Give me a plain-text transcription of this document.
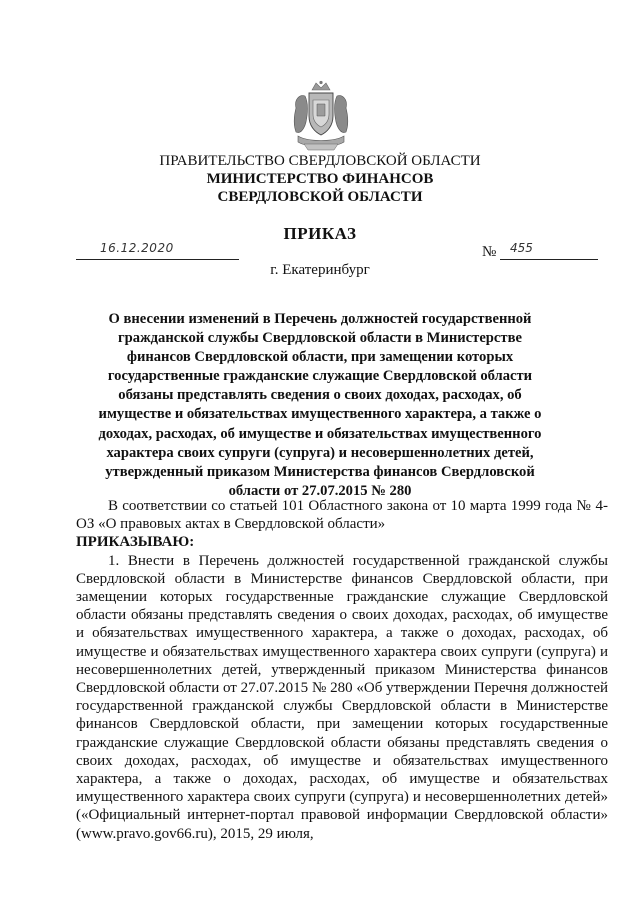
ПРАВИТЕЛЬСТВО СВЕРДЛОВСКОЙ ОБЛАСТИ
МИНИСТЕРСТВО ФИНАНСОВ
СВЕРДЛОВСКОЙ ОБЛАСТИ
ПРИКАЗ
16.12.2020	№ 455
г. Екатеринбург
О внесении изменений в Перечень должностей государственной гражданской службы Свердловской области в Министерстве финансов Свердловской области, при замещении которых государственные гражданские служащие Свердловской области обязаны представлять сведения о своих доходах, расходах, об имуществе и обязательствах имущественного характера, а также о доходах, расходах, об имуществе и обязательствах имущественного характера своих супруги (супруга) и несовершеннолетних детей, утвержденный приказом Министерства финансов Свердловской области от 27.07.2015 № 280

В соответствии со статьей 101 Областного закона от 10 марта 1999 года № 4-ОЗ «О правовых актах в Свердловской области»

ПРИКАЗЫВАЮ:

1. Внести в Перечень должностей государственной гражданской службы Свердловской области в Министерстве финансов Свердловской области, при замещении которых государственные гражданские служащие Свердловской области обязаны представлять сведения о своих доходах, расходах, об имуществе и обязательствах имущественного характера, а также о доходах, расходах, об имуществе и обязательствах имущественного характера своих супруги (супруга) и несовершеннолетних детей, утвержденный приказом Министерства финансов Свердловской области от 27.07.2015 № 280 «Об утверждении Перечня должностей государственной гражданской службы Свердловской области в Министерстве финансов Свердловской области, при замещении которых государственные гражданские служащие Свердловской области обязаны представлять сведения о своих доходах, расходах, об имуществе и обязательствах имущественного характера, а также о доходах, расходах, об имуществе и обязательствах имущественного характера своих супруги (супруга) и несовершеннолетних детей» («Официальный интернет-портал правовой информации Свердловской области» (www.pravo.gov66.ru), 2015, 29 июля,
